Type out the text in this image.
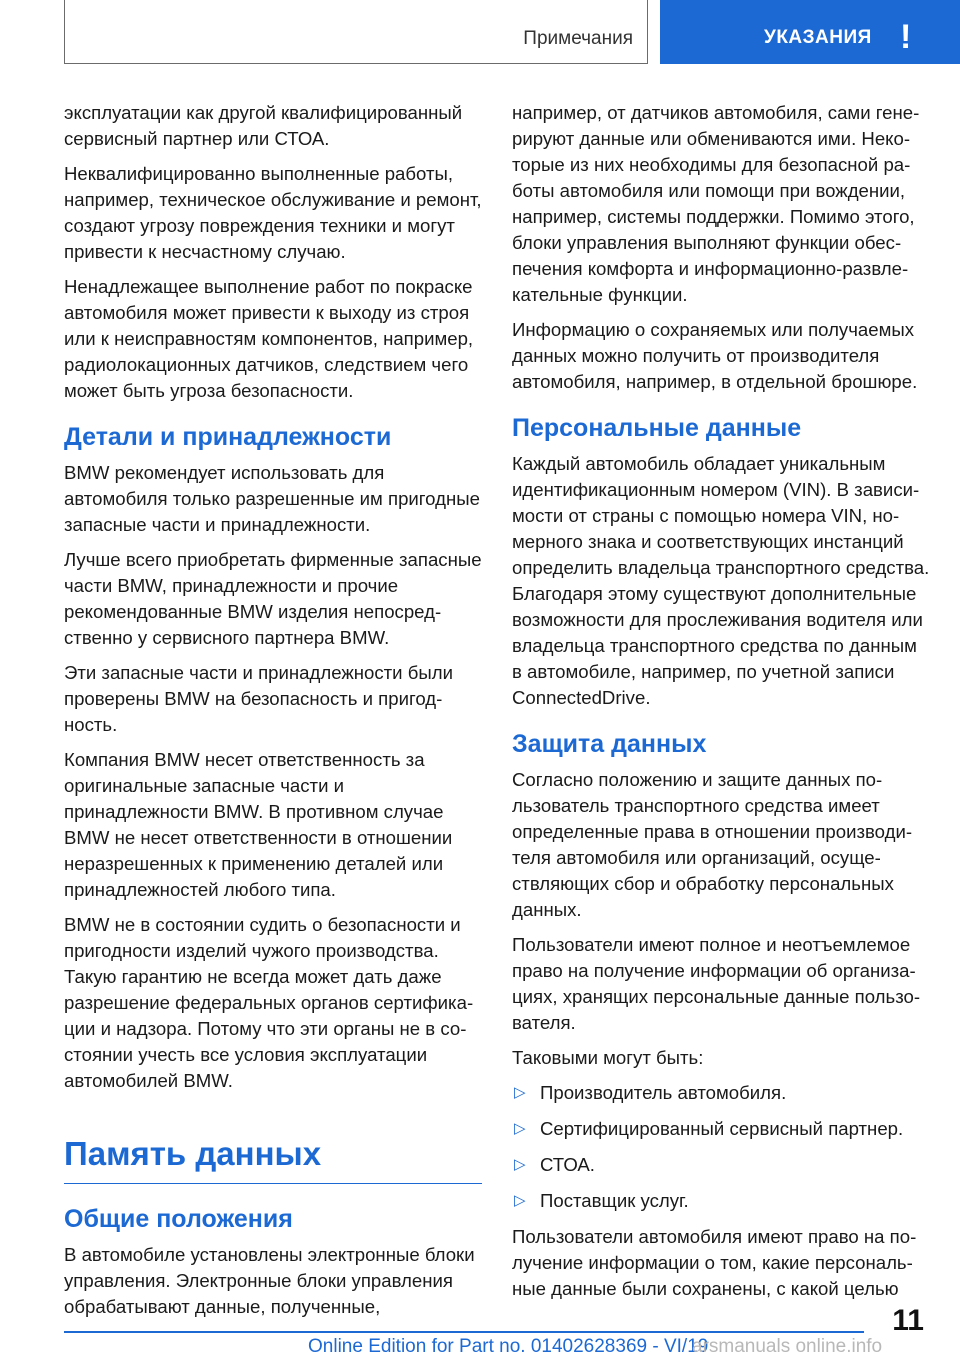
Примечания	УКАЗАНИЯ !

эксплуатации как другой квалифицированный сервисный партнер или СТОА.

Неквалифицированно выполненные работы, например, техническое обслуживание и ремонт, создают угрозу повреждения техники и могут привести к несчастному случаю.

Ненадлежащее выполнение работ по покраске автомобиля может привести к выходу из строя или к неисправностям компонентов, например, радиолокационных датчиков, следствием чего может быть угроза безопасности.

Детали и принадлежности

BMW рекомендует использовать для автомобиля только разрешенные им пригодные запасные части и принадлежности.

Лучше всего приобретать фирменные запасные части BMW, принадлежности и прочие рекомендованные BMW изделия непосредственно у сервисного партнера BMW.

Эти запасные части и принадлежности были проверены BMW на безопасность и пригодность.

Компания BMW несет ответственность за оригинальные запасные части и принадлежности BMW. В противном случае BMW не несет ответственности в отношении неразрешенных к применению деталей или принадлежностей любого типа.

BMW не в состоянии судить о безопасности и пригодности изделий чужого производства. Такую гарантию не всегда может дать даже разрешение федеральных органов сертификации и надзора. Потому что эти органы не в состоянии учесть все условия эксплуатации автомобилей BMW.

Память данных
Общие положения

В автомобиле установлены электронные блоки управления. Электронные блоки управления обрабатывают данные, полученные,

например, от датчиков автомобиля, сами генерируют данные или обмениваются ими. Некоторые из них необходимы для безопасной работы автомобиля или помощи при вождении, например, системы поддержки. Помимо этого, блоки управления выполняют функции обеспечения комфорта и информационно-развлекательные функции.

Информацию о сохраняемых или получаемых данных можно получить от производителя автомобиля, например, в отдельной брошюре.

Персональные данные

Каждый автомобиль обладает уникальным идентификационным номером (VIN). В зависимости от страны с помощью номера VIN, номерного знака и соответствующих инстанций определить владельца транспортного средства. Благодаря этому существуют дополнительные возможности для прослеживания водителя или владельца транспортного средства по данным в автомобиле, например, по учетной записи ConnectedDrive.

Защита данных

Согласно положению и защите данных пользователь транспортного средства имеет определенные права в отношении производителя автомобиля или организаций, осуществляющих сбор и обработку персональных данных.

Пользователи имеют полное и неотъемлемое право на получение информации об организациях, хранящих персональные данные пользователя.

Таковыми могут быть:

▷ Производитель автомобиля.
▷ Сертифицированный сервисный партнер.
▷ СТОА.
▷ Поставщик услуг.

Пользователи автомобиля имеют право на получение информации о том, какие персональные данные были сохранены, с какой целью

11
Online Edition for Part no. 01402628369 - VI/19
arsmanuals online.info
